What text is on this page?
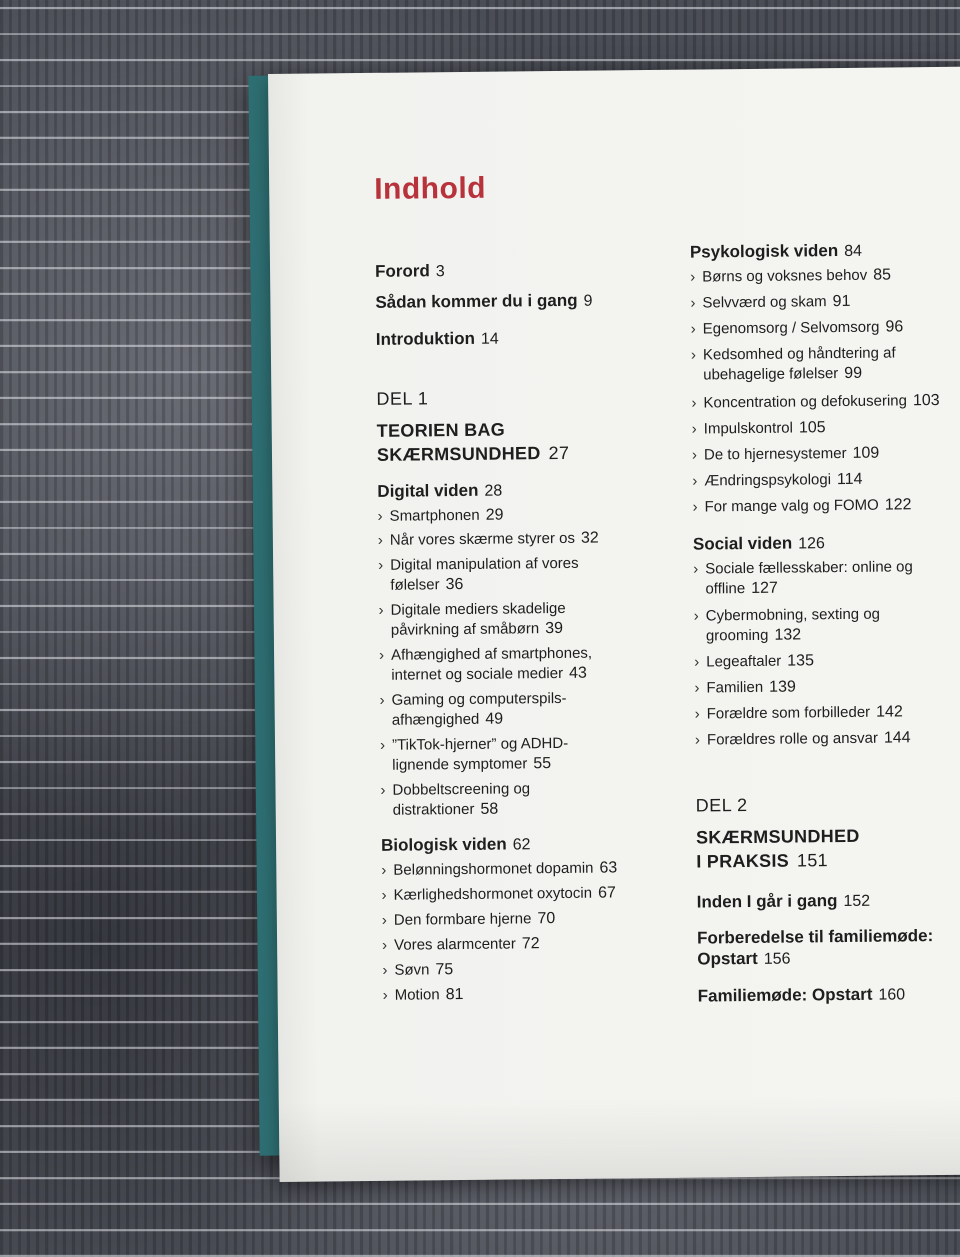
Indhold
Forord 3
Sådan kommer du i gang 9
Introduktion 14
DEL 1
TEORIEN BAG
SKÆRMSUNDHED 27
Digital viden 28
› Smartphonen 29
› Når vores skærme styrer os 32
› Digital manipulation af vores følelser 36
› Digitale mediers skadelige påvirkning af småbørn 39
› Afhængighed af smartphones, internet og sociale medier 43
› Gaming og computerspils-afhængighed 49
› ”TikTok-hjerner” og ADHD-lignende symptomer 55
› Dobbeltscreening og distraktioner 58
Biologisk viden 62
› Belønningshormonet dopamin 63
› Kærlighedshormonet oxytocin 67
› Den formbare hjerne 70
› Vores alarmcenter 72
› Søvn 75
› Motion 81
Psykologisk viden 84
› Børns og voksnes behov 85
› Selvværd og skam 91
› Egenomsorg / Selvomsorg 96
› Kedsomhed og håndtering af ubehagelige følelser 99
› Koncentration og defokusering 103
› Impulskontrol 105
› De to hjernesystemer 109
› Ændringspsykologi 114
› For mange valg og FOMO 122
Social viden 126
› Sociale fællesskaber: online og offline 127
› Cybermobning, sexting og grooming 132
› Legeaftaler 135
› Familien 139
› Forældre som forbilleder 142
› Forældres rolle og ansvar 144
DEL 2
SKÆRMSUNDHED
I PRAKSIS 151
Inden I går i gang 152
Forberedelse til familiemøde: Opstart 156
Familiemøde: Opstart 160
